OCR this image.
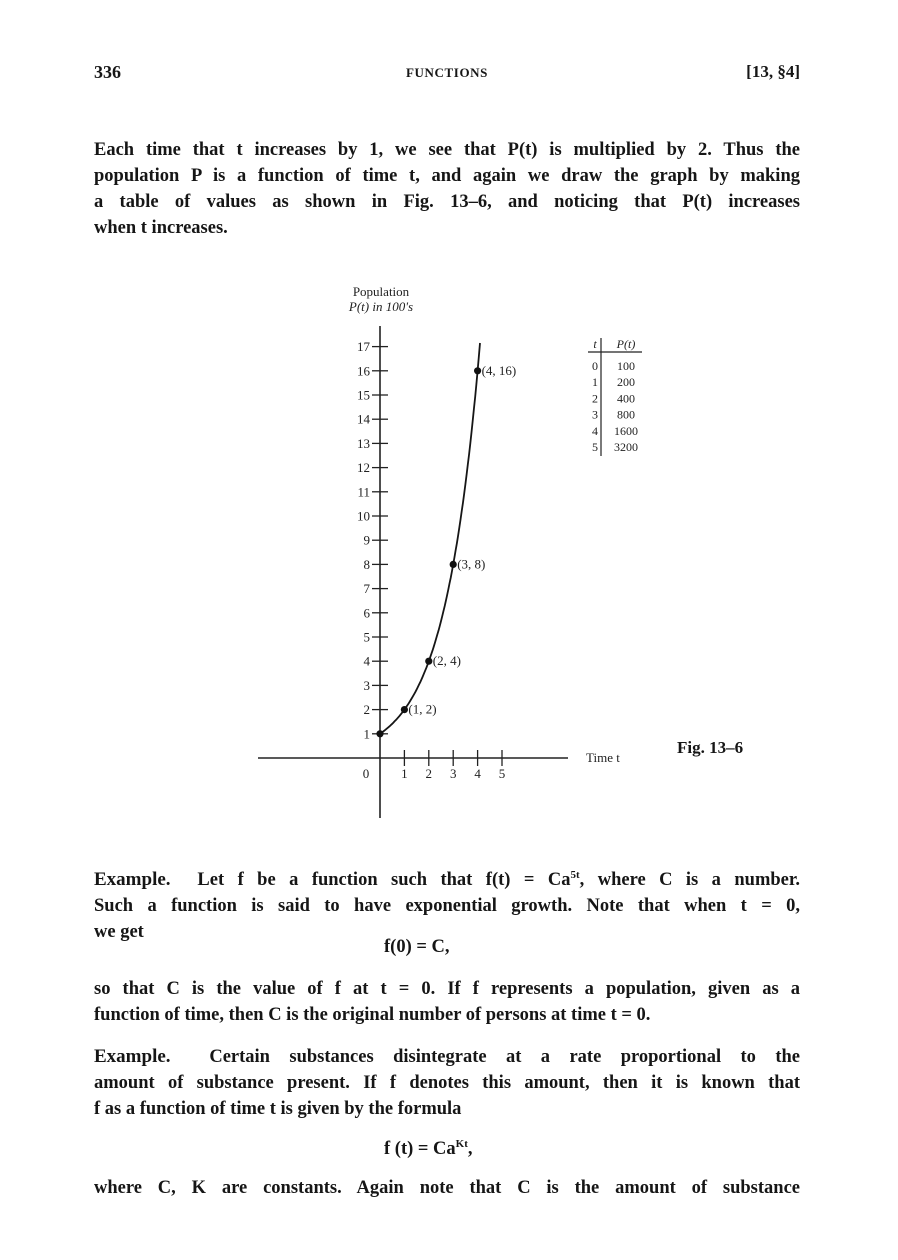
336	FUNCTIONS	[13, §4]
Each time that t increases by 1, we see that P(t) is multiplied by 2. Thus the
population P is a function of time t, and again we draw the graph by making
a table of values as shown in Fig. 13–6, and noticing that P(t) increases
when t increases.
Population
P(t) in 100's
Time t
0
1
2
3
4
5
6
7
8
9
10
11
12
13
14
15
16
17
1 2 3 4 5
(1, 2)
(2, 4)
(3, 8)
(4, 16)
t P(t)
0 100
1 200
2 400
3 800
4 1600
5 3200
Fig. 13–6
Example. Let f be a function such that $f(t) = Ca^{5t}$, where C is a number.
Such a function is said to have exponential growth. Note that when t = 0,
we get
f(0) = C,
so that C is the value of f at t = 0. If f represents a population, given as a
function of time, then C is the original number of persons at time t = 0.
Example. Certain substances disintegrate at a rate proportional to the
amount of substance present. If f denotes this amount, then it is known that
f as a function of time t is given by the formula
f $(t) = Ca^{Kt}$,
where C, K are constants. Again note that C is the amount of substance
